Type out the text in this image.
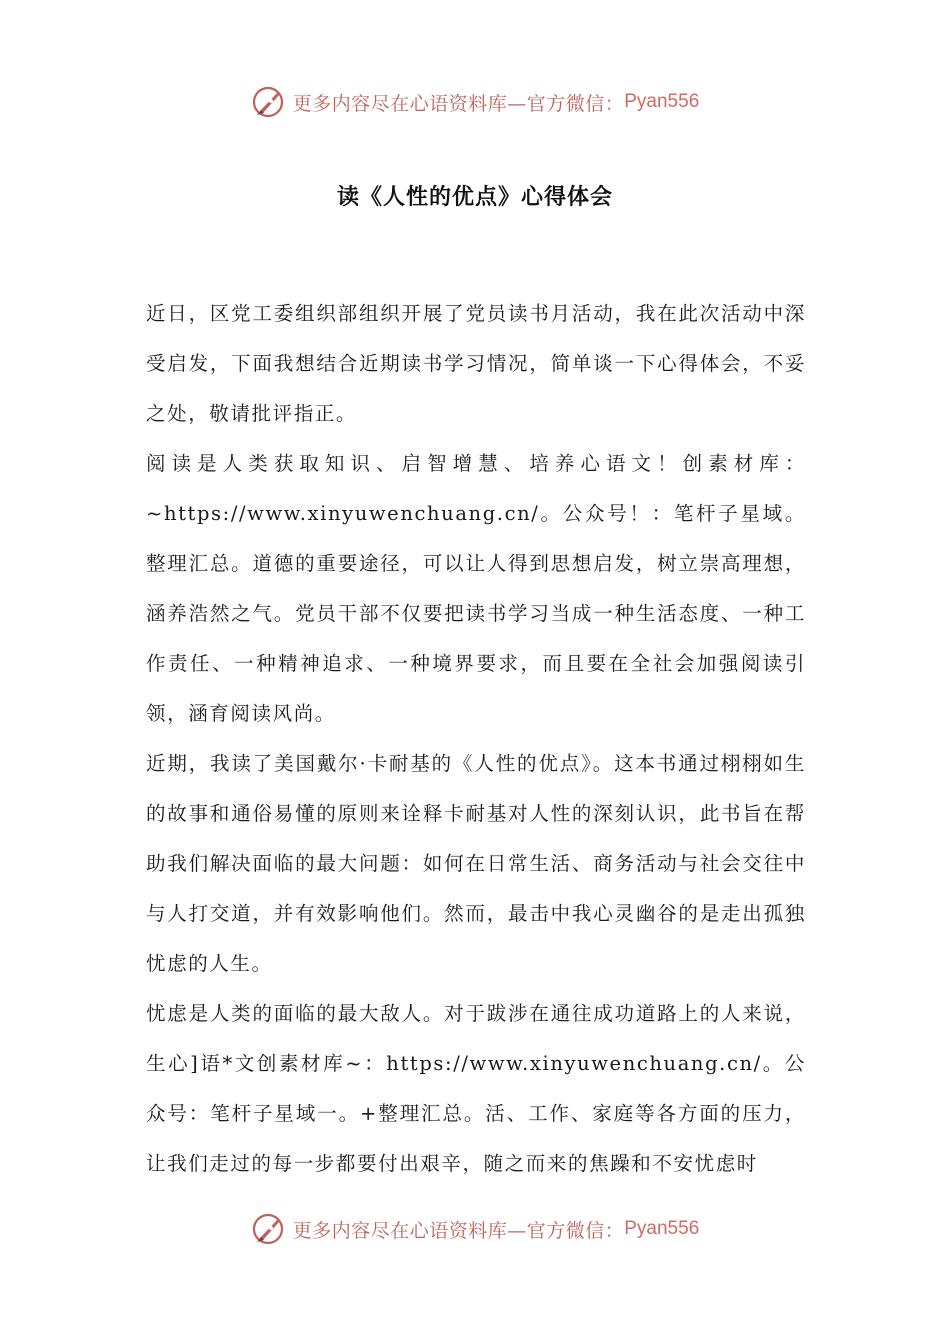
更多内容尽在心语资料库—官方微信： Pyan556
读《人性的优点》心得体会

近日，区党工委组织部组织开展了党员读书月活动，我在此次活动中深受启发，下面我想结合近期读书学习情况，简单谈一下心得体会，不妥之处，敬请批评指正。

阅读是人类获取知识、启智增慧、培养心语文！创素材库：~https://www.xinyuwenchuang.cn/。公众号！：笔杆子星域。整理汇总。道德的重要途径，可以让人得到思想启发，树立崇高理想，涵养浩然之气。党员干部不仅要把读书学习当成一种生活态度、一种工作责任、一种精神追求、一种境界要求，而且要在全社会加强阅读引领，涵育阅读风尚。

近期，我读了美国戴尔·卡耐基的《人性的优点》。这本书通过栩栩如生的故事和通俗易懂的原则来诠释卡耐基对人性的深刻认识，此书旨在帮助我们解决面临的最大问题：如何在日常生活、商务活动与社会交往中与人打交道，并有效影响他们。然而，最击中我心灵幽谷的是走出孤独忧虑的人生。

忧虑是人类的面临的最大敌人。对于跋涉在通往成功道路上的人来说，生心]语*文创素材库~：https://www.xinyuwenchuang.cn/。公众号：笔杆子星域一。+整理汇总。活、工作、家庭等各方面的压力，让我们走过的每一步都要付出艰辛，随之而来的焦躁和不安忧虑时

更多内容尽在心语资料库—官方微信： Pyan556
